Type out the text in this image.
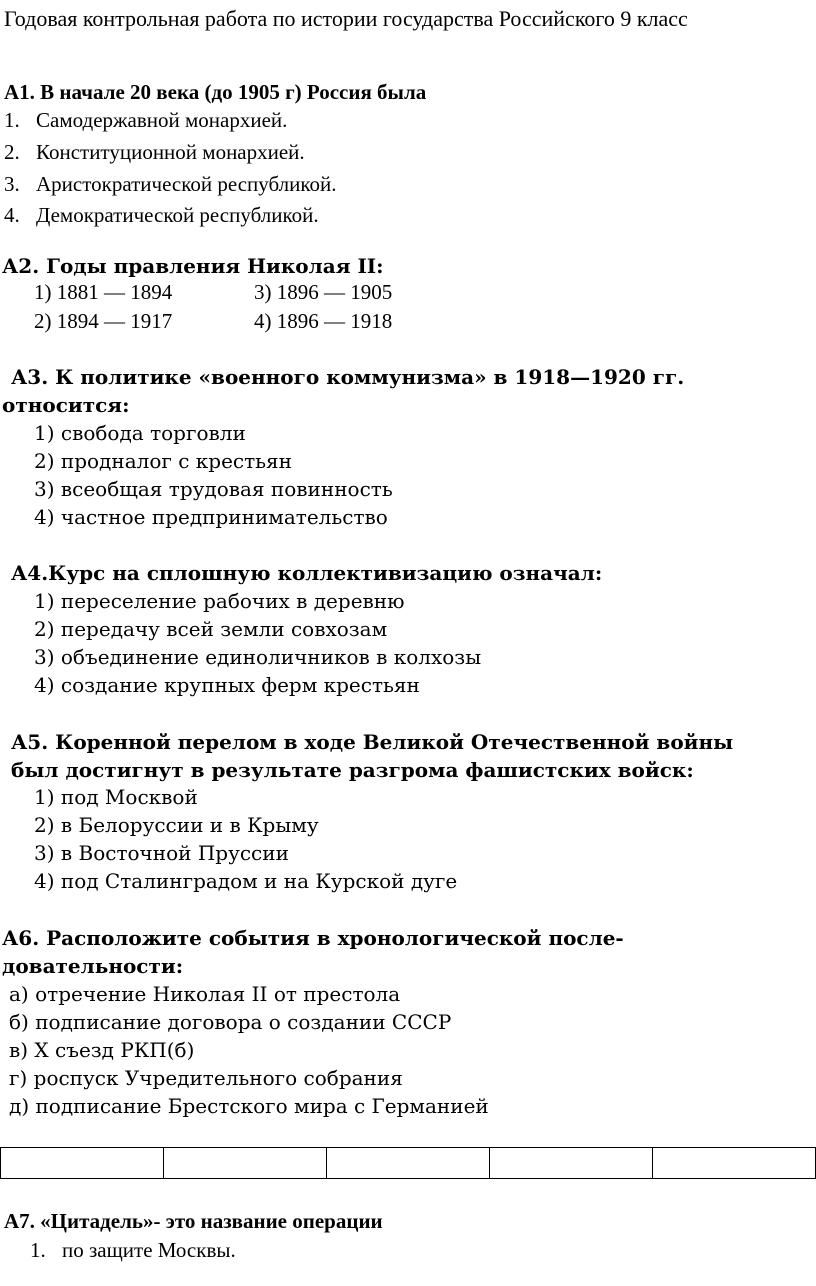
Годовая контрольная работа по истории государства Российского 9 класс
А1. В начале 20 века (до 1905 г) Россия была
1. Самодержавной монархией.
2. Конституционной монархией.
3. Аристократической республикой.
4. Демократической республикой.
А2. Годы правления Николая II:
1) 1881 — 1894	3) 1896 — 1905
2) 1894 — 1917	4) 1896 — 1918
А3. К политике «военного коммунизма» в 1918—1920 гг.
относится:
1) свобода торговли
2) продналог с крестьян
3) всеобщая трудовая повинность
4) частное предпринимательство
А4.Курс на сплошную коллективизацию означал:
1) переселение рабочих в деревню
2) передачу всей земли совхозам
3) объединение единоличников в колхозы
4) создание крупных ферм крестьян
А5. Коренной перелом в ходе Великой Отечественной войны
был достигнут в результате разгрома фашистских войск:
1) под Москвой
2) в Белоруссии и в Крыму
3) в Восточной Пруссии
4) под Сталинградом и на Курской дуге
А6. Расположите события в хронологической после-
довательности:
а) отречение Николая II от престола
б) подписание договора о создании СССР
в) X съезд РКП(б)
г) роспуск Учредительного собрания
д) подписание Брестского мира с Германией

А7. «Цитадель»- это название операции
1. по защите Москвы.
